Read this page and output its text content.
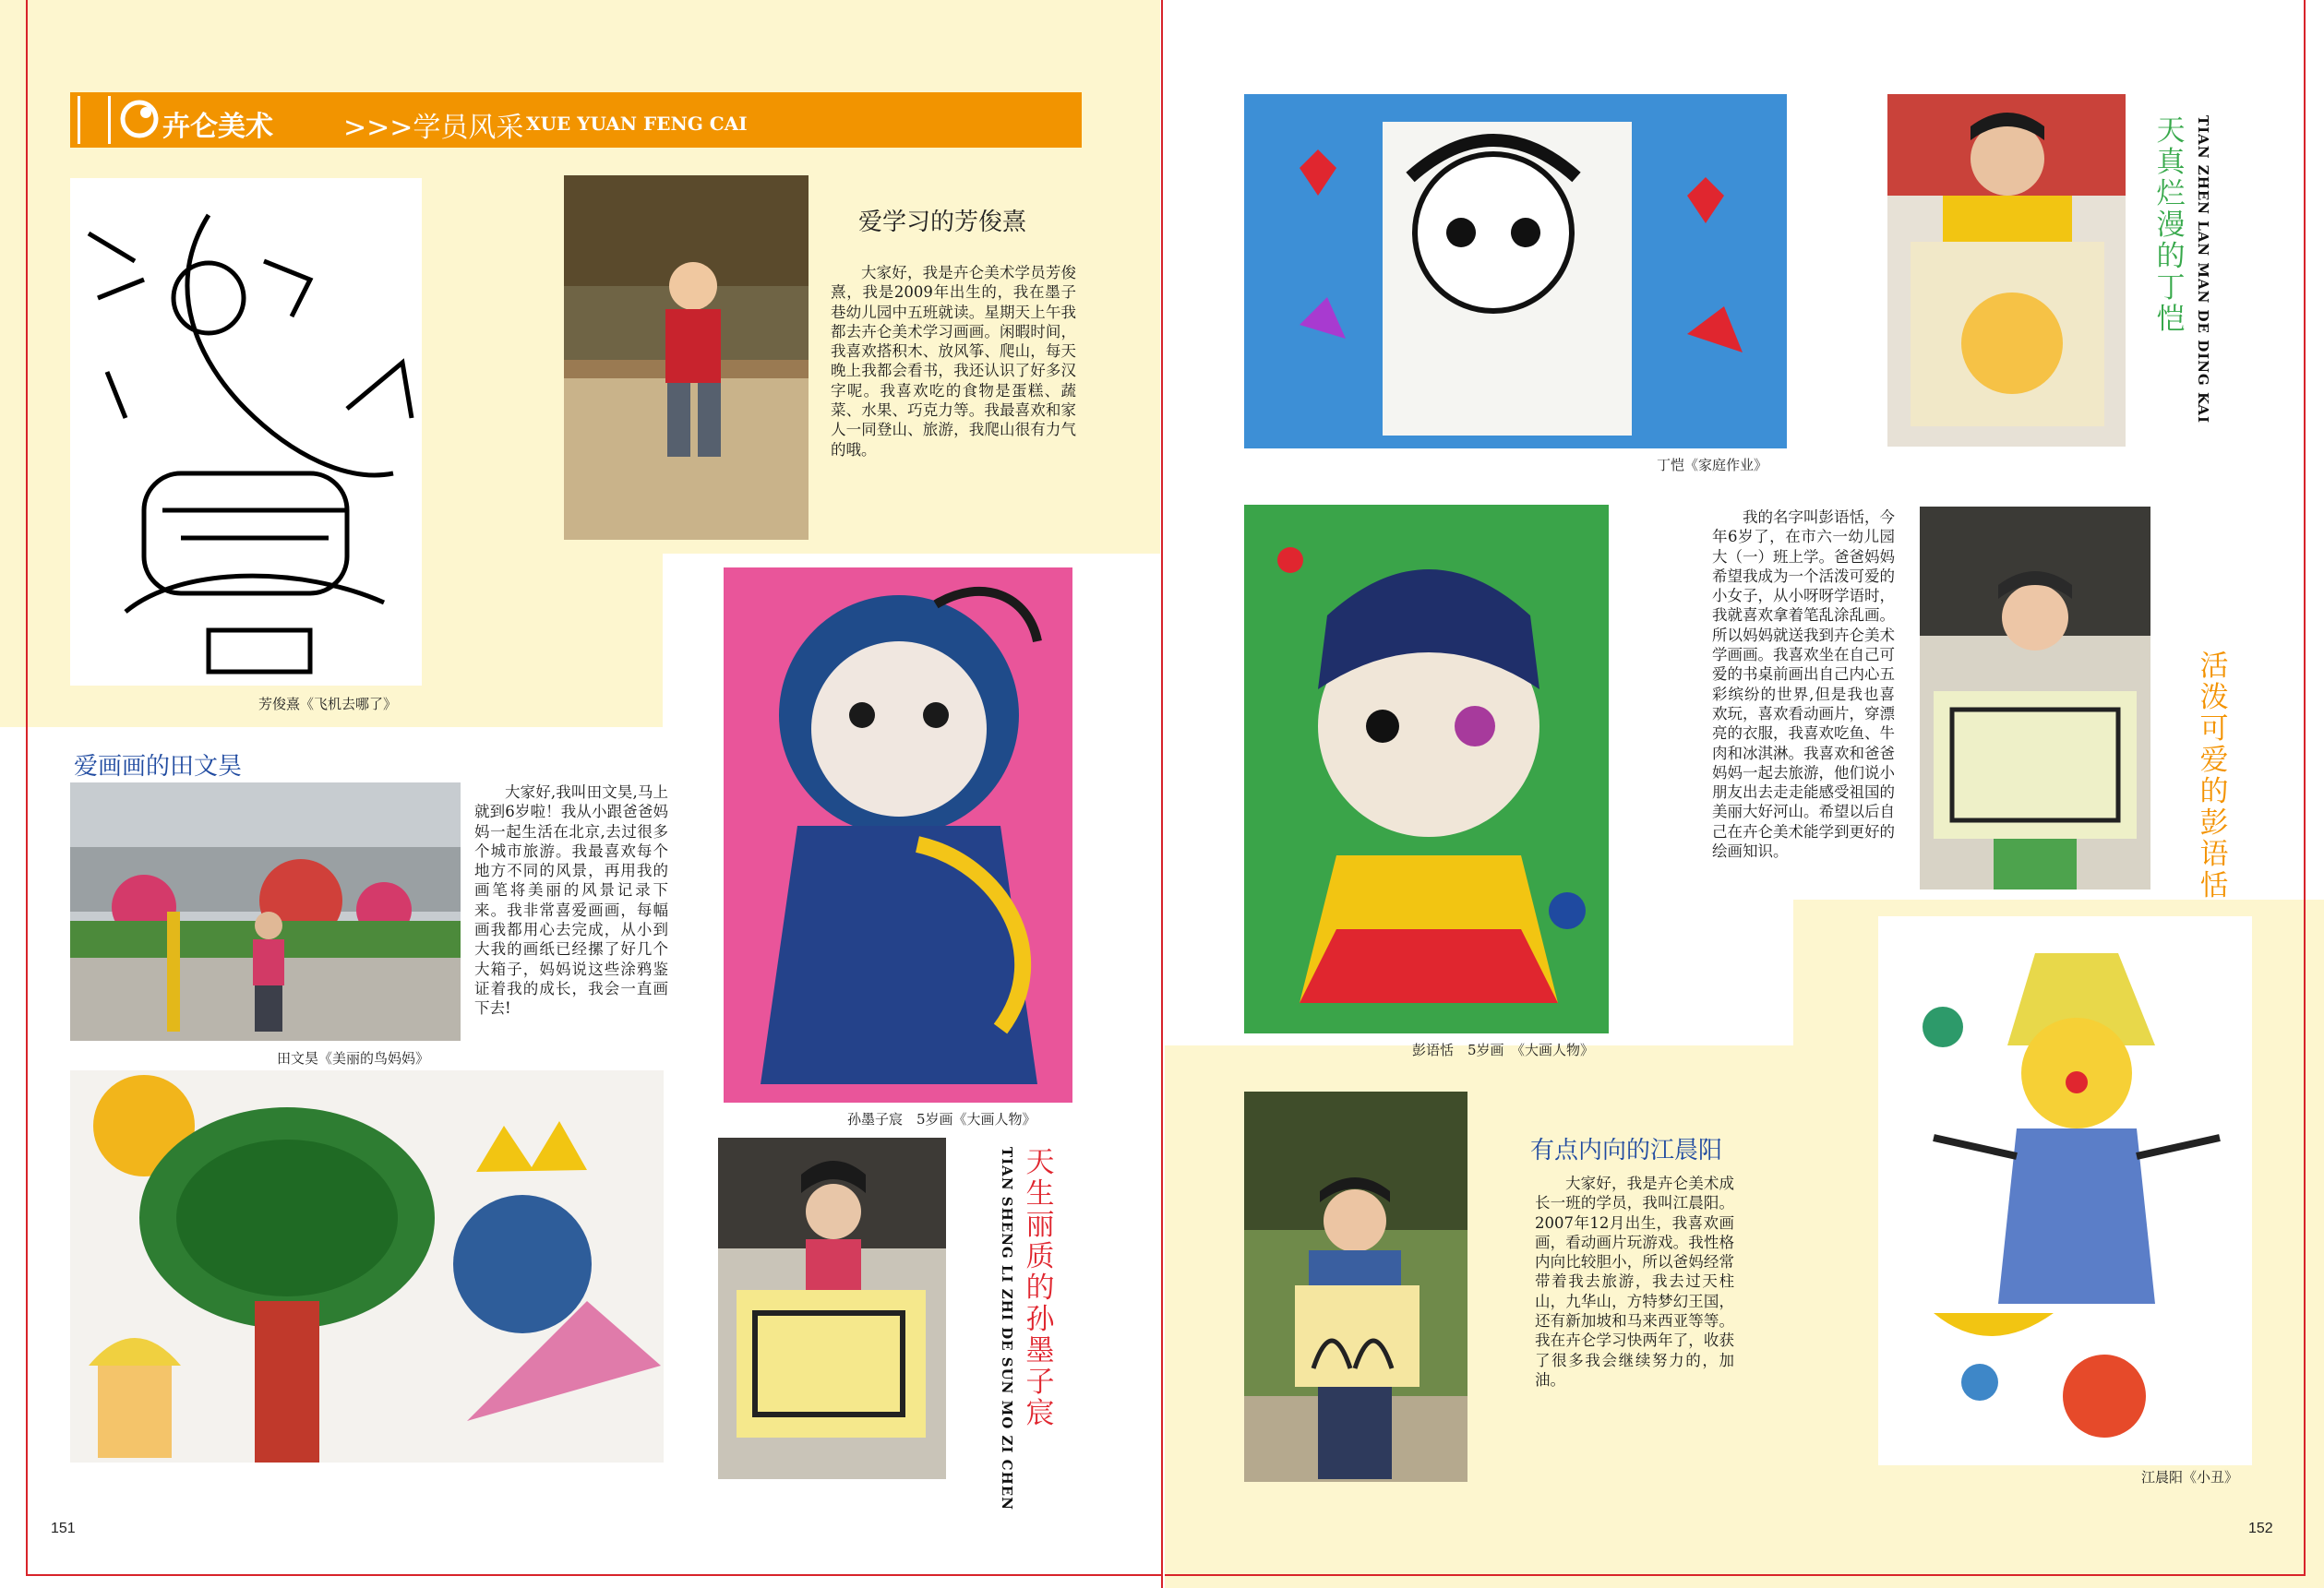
卉仑美术	>>>学员风采 XUE YUAN FENG CAI
芳俊熹《飞机去哪了》
爱学习的芳俊熹
大家好，我是卉仑美术学员芳俊熹，我是2009年出生的，我在墨子巷幼儿园中五班就读。星期天上午我都去卉仑美术学习画画。闲暇时间，我喜欢搭积木、放风筝、爬山，每天晚上我都会看书，我还认识了好多汉字呢。我喜欢吃的食物是蛋糕、蔬菜、水果、巧克力等。我最喜欢和家人一同登山、旅游，我爬山很有力气的哦。
爱画画的田文昊
田文昊《美丽的鸟妈妈》
大家好,我叫田文昊,马上就到6岁啦！我从小跟爸爸妈妈一起生活在北京,去过很多个城市旅游。我最喜欢每个地方不同的风景，再用我的画笔将美丽的风景记录下来。我非常喜爱画画，每幅画我都用心去完成，从小到大我的画纸已经摞了好几个大箱子，妈妈说这些涂鸦鉴证着我的成长，我会一直画下去!
孙墨子宸　5岁画《大画人物》
天生丽质的孙墨子宸
TIAN SHENG LI ZHI DE SUN MO ZI CHEN
151
丁恺《家庭作业》
天真烂漫的丁恺 TIAN ZHEN LAN MAN DE DING KAI
彭语恬　5岁画　《大画人物》
我的名字叫彭语恬，今年6岁了，在市六一幼儿园大（一）班上学。爸爸妈妈希望我成为一个活泼可爱的小女子，从小呀呀学语时，我就喜欢拿着笔乱涂乱画。所以妈妈就送我到卉仑美术学画画。我喜欢坐在自己可爱的书桌前画出自己内心五彩缤纷的世界,但是我也喜欢玩，喜欢看动画片，穿漂亮的衣服，我喜欢吃鱼、牛肉和冰淇淋。我喜欢和爸爸妈妈一起去旅游，他们说小朋友出去走走能感受祖国的美丽大好河山。希望以后自己在卉仑美术能学到更好的绘画知识。
活泼可爱的彭语恬
有点内向的江晨阳
大家好，我是卉仑美术成长一班的学员，我叫江晨阳。2007年12月出生，我喜欢画画，看动画片玩游戏。我性格内向比较胆小，所以爸妈经常带着我去旅游，我去过天柱山，九华山，方特梦幻王国，还有新加坡和马来西亚等等。我在卉仑学习快两年了，收获了很多我会继续努力的，加油。
江晨阳《小丑》
152
